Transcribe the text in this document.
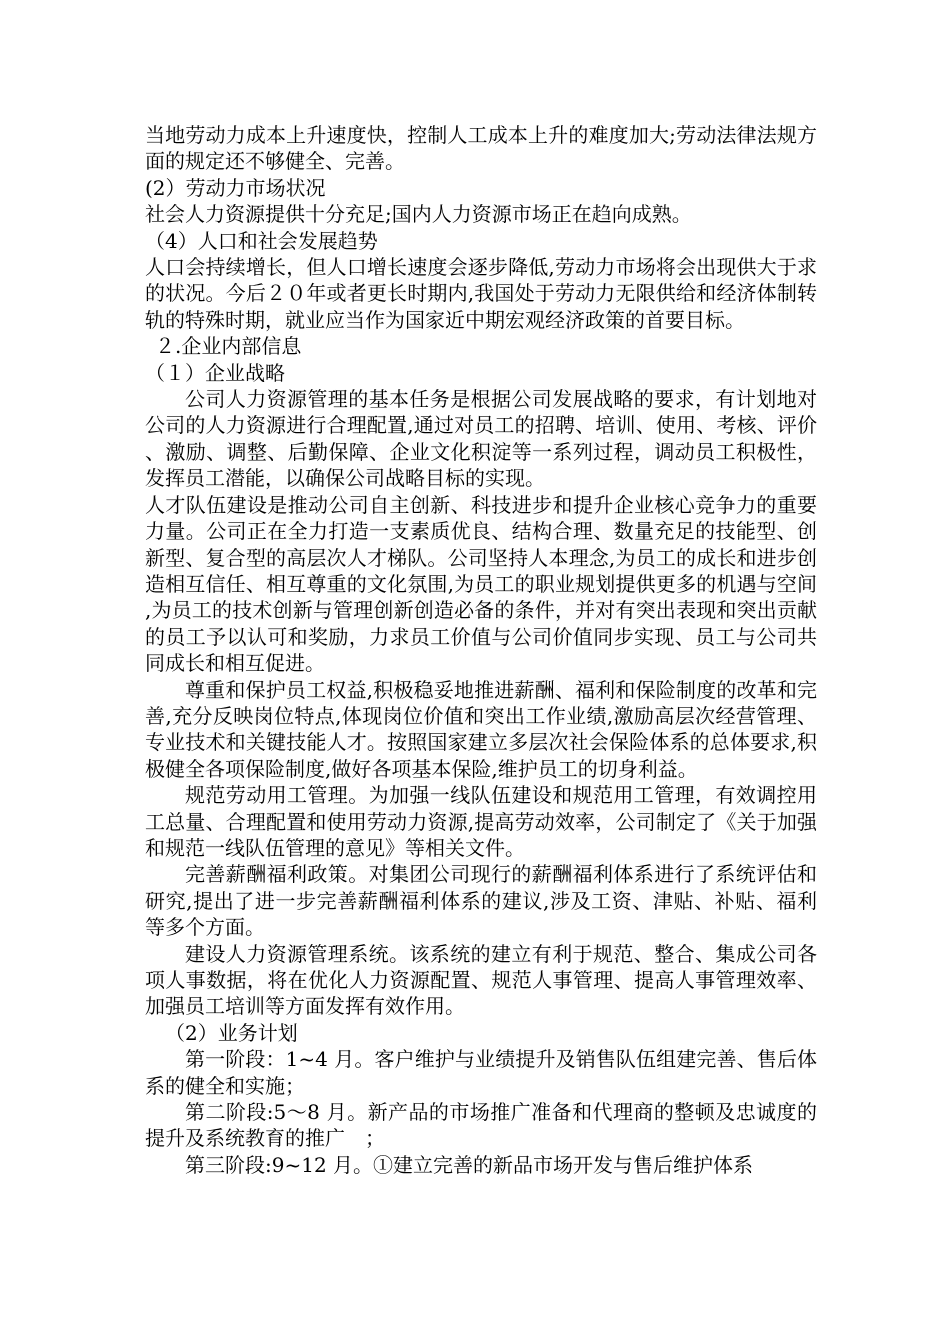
当地劳动力成本上升速度快，控制人工成本上升的难度加大;劳动法律法规方面的规定还不够健全、完善。

(2）劳动力市场状况

社会人力资源提供十分充足;国内人力资源市场正在趋向成熟。

（4）人口和社会发展趋势

人口会持续增长，但人口增长速度会逐步降低,劳动力市场将会出现供大于求的状况。今后２０年或者更长时期内,我国处于劳动力无限供给和经济体制转轨的特殊时期，就业应当作为国家近中期宏观经济政策的首要目标。

２.企业内部信息

（１）企业战略

公司人力资源管理的基本任务是根据公司发展战略的要求，有计划地对公司的人力资源进行合理配置,通过对员工的招聘、培训、使用、考核、评价、激励、调整、后勤保障、企业文化积淀等一系列过程，调动员工积极性，发挥员工潜能，以确保公司战略目标的实现。

人才队伍建设是推动公司自主创新、科技进步和提升企业核心竞争力的重要力量。公司正在全力打造一支素质优良、结构合理、数量充足的技能型、创新型、复合型的高层次人才梯队。公司坚持人本理念,为员工的成长和进步创造相互信任、相互尊重的文化氛围,为员工的职业规划提供更多的机遇与空间,为员工的技术创新与管理创新创造必备的条件，并对有突出表现和突出贡献的员工予以认可和奖励，力求员工价值与公司价值同步实现、员工与公司共同成长和相互促进。

尊重和保护员工权益,积极稳妥地推进薪酬、福利和保险制度的改革和完善,充分反映岗位特点,体现岗位价值和突出工作业绩,激励高层次经营管理、专业技术和关键技能人才。按照国家建立多层次社会保险体系的总体要求,积极健全各项保险制度,做好各项基本保险,维护员工的切身利益。

规范劳动用工管理。为加强一线队伍建设和规范用工管理，有效调控用工总量、合理配置和使用劳动力资源,提高劳动效率，公司制定了《关于加强和规范一线队伍管理的意见》等相关文件。

完善薪酬福利政策。对集团公司现行的薪酬福利体系进行了系统评估和研究,提出了进一步完善薪酬福利体系的建议,涉及工资、津贴、补贴、福利等多个方面。

建设人力资源管理系统。该系统的建立有利于规范、整合、集成公司各项人事数据，将在优化人力资源配置、规范人事管理、提高人事管理效率、加强员工培训等方面发挥有效作用。

（2）业务计划

第一阶段：1~4 月。客户维护与业绩提升及销售队伍组建完善、售后体系的健全和实施；

第二阶段:5～8 月。新产品的市场推广准备和代理商的整顿及忠诚度的提升及系统教育的推广　；

第三阶段:9~12 月。①建立完善的新品市场开发与售后维护体系
